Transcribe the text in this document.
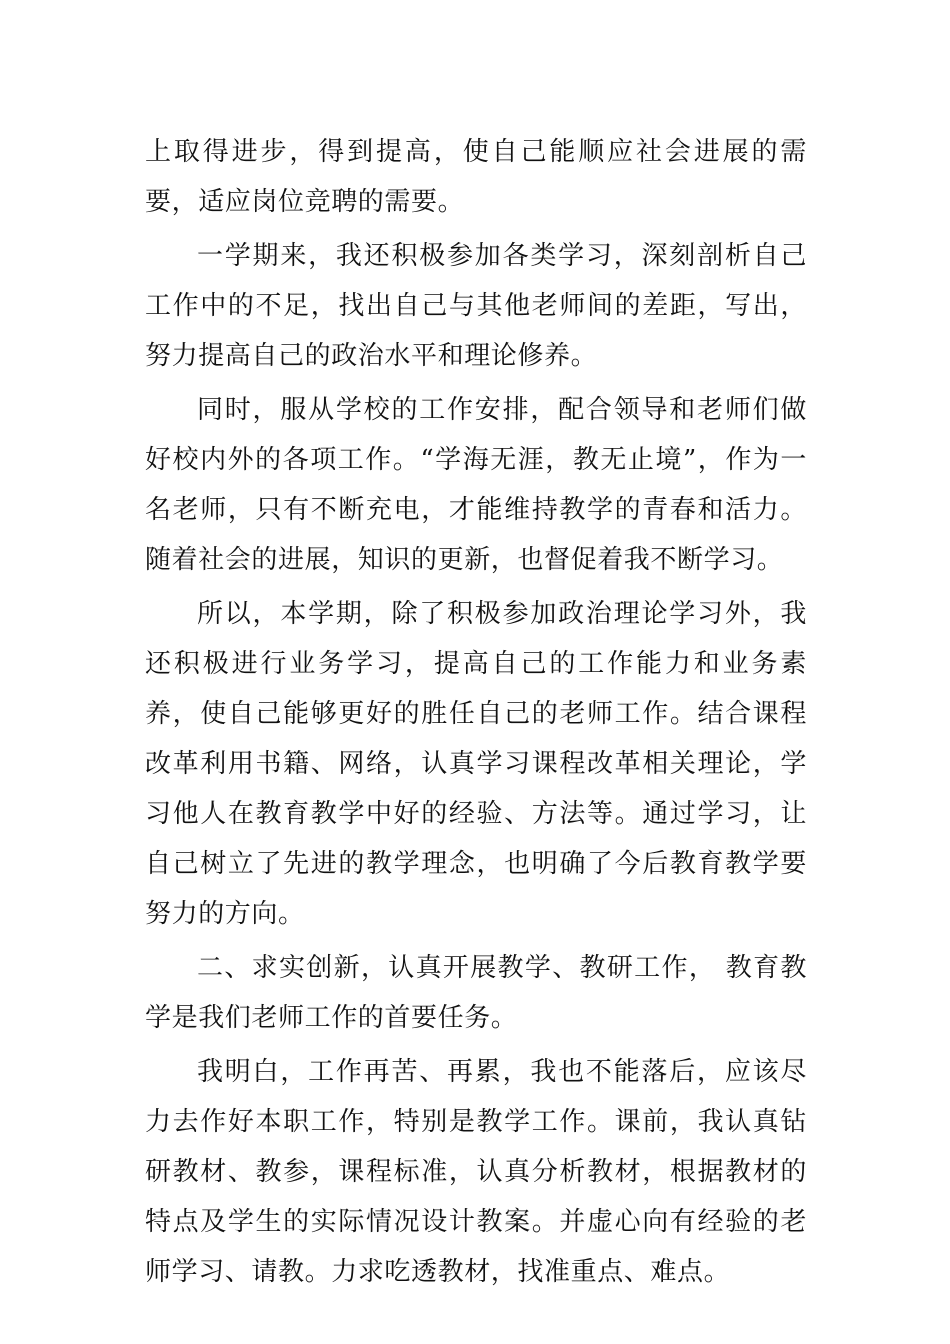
上取得进步，得到提高，使自己能顺应社会进展的需要，适应岗位竞聘的需要。

一学期来，我还积极参加各类学习，深刻剖析自己工作中的不足，找出自己与其他老师间的差距，写出，努力提高自己的政治水平和理论修养。

同时，服从学校的工作安排，配合领导和老师们做好校内外的各项工作。“学海无涯，教无止境”，作为一名老师，只有不断充电，才能维持教学的青春和活力。随着社会的进展，知识的更新，也督促着我不断学习。

所以，本学期，除了积极参加政治理论学习外，我还积极进行业务学习，提高自己的工作能力和业务素养，使自己能够更好的胜任自己的老师工作。结合课程改革利用书籍、网络，认真学习课程改革相关理论，学习他人在教育教学中好的经验、方法等。通过学习，让自己树立了先进的教学理念，也明确了今后教育教学要努力的方向。

二、求实创新，认真开展教学、教研工作， 教育教学是我们老师工作的首要任务。

我明白，工作再苦、再累，我也不能落后，应该尽力去作好本职工作，特别是教学工作。课前，我认真钻研教材、教参，课程标准，认真分析教材，根据教材的特点及学生的实际情况设计教案。并虚心向有经验的老师学习、请教。力求吃透教材，找准重点、难点。
